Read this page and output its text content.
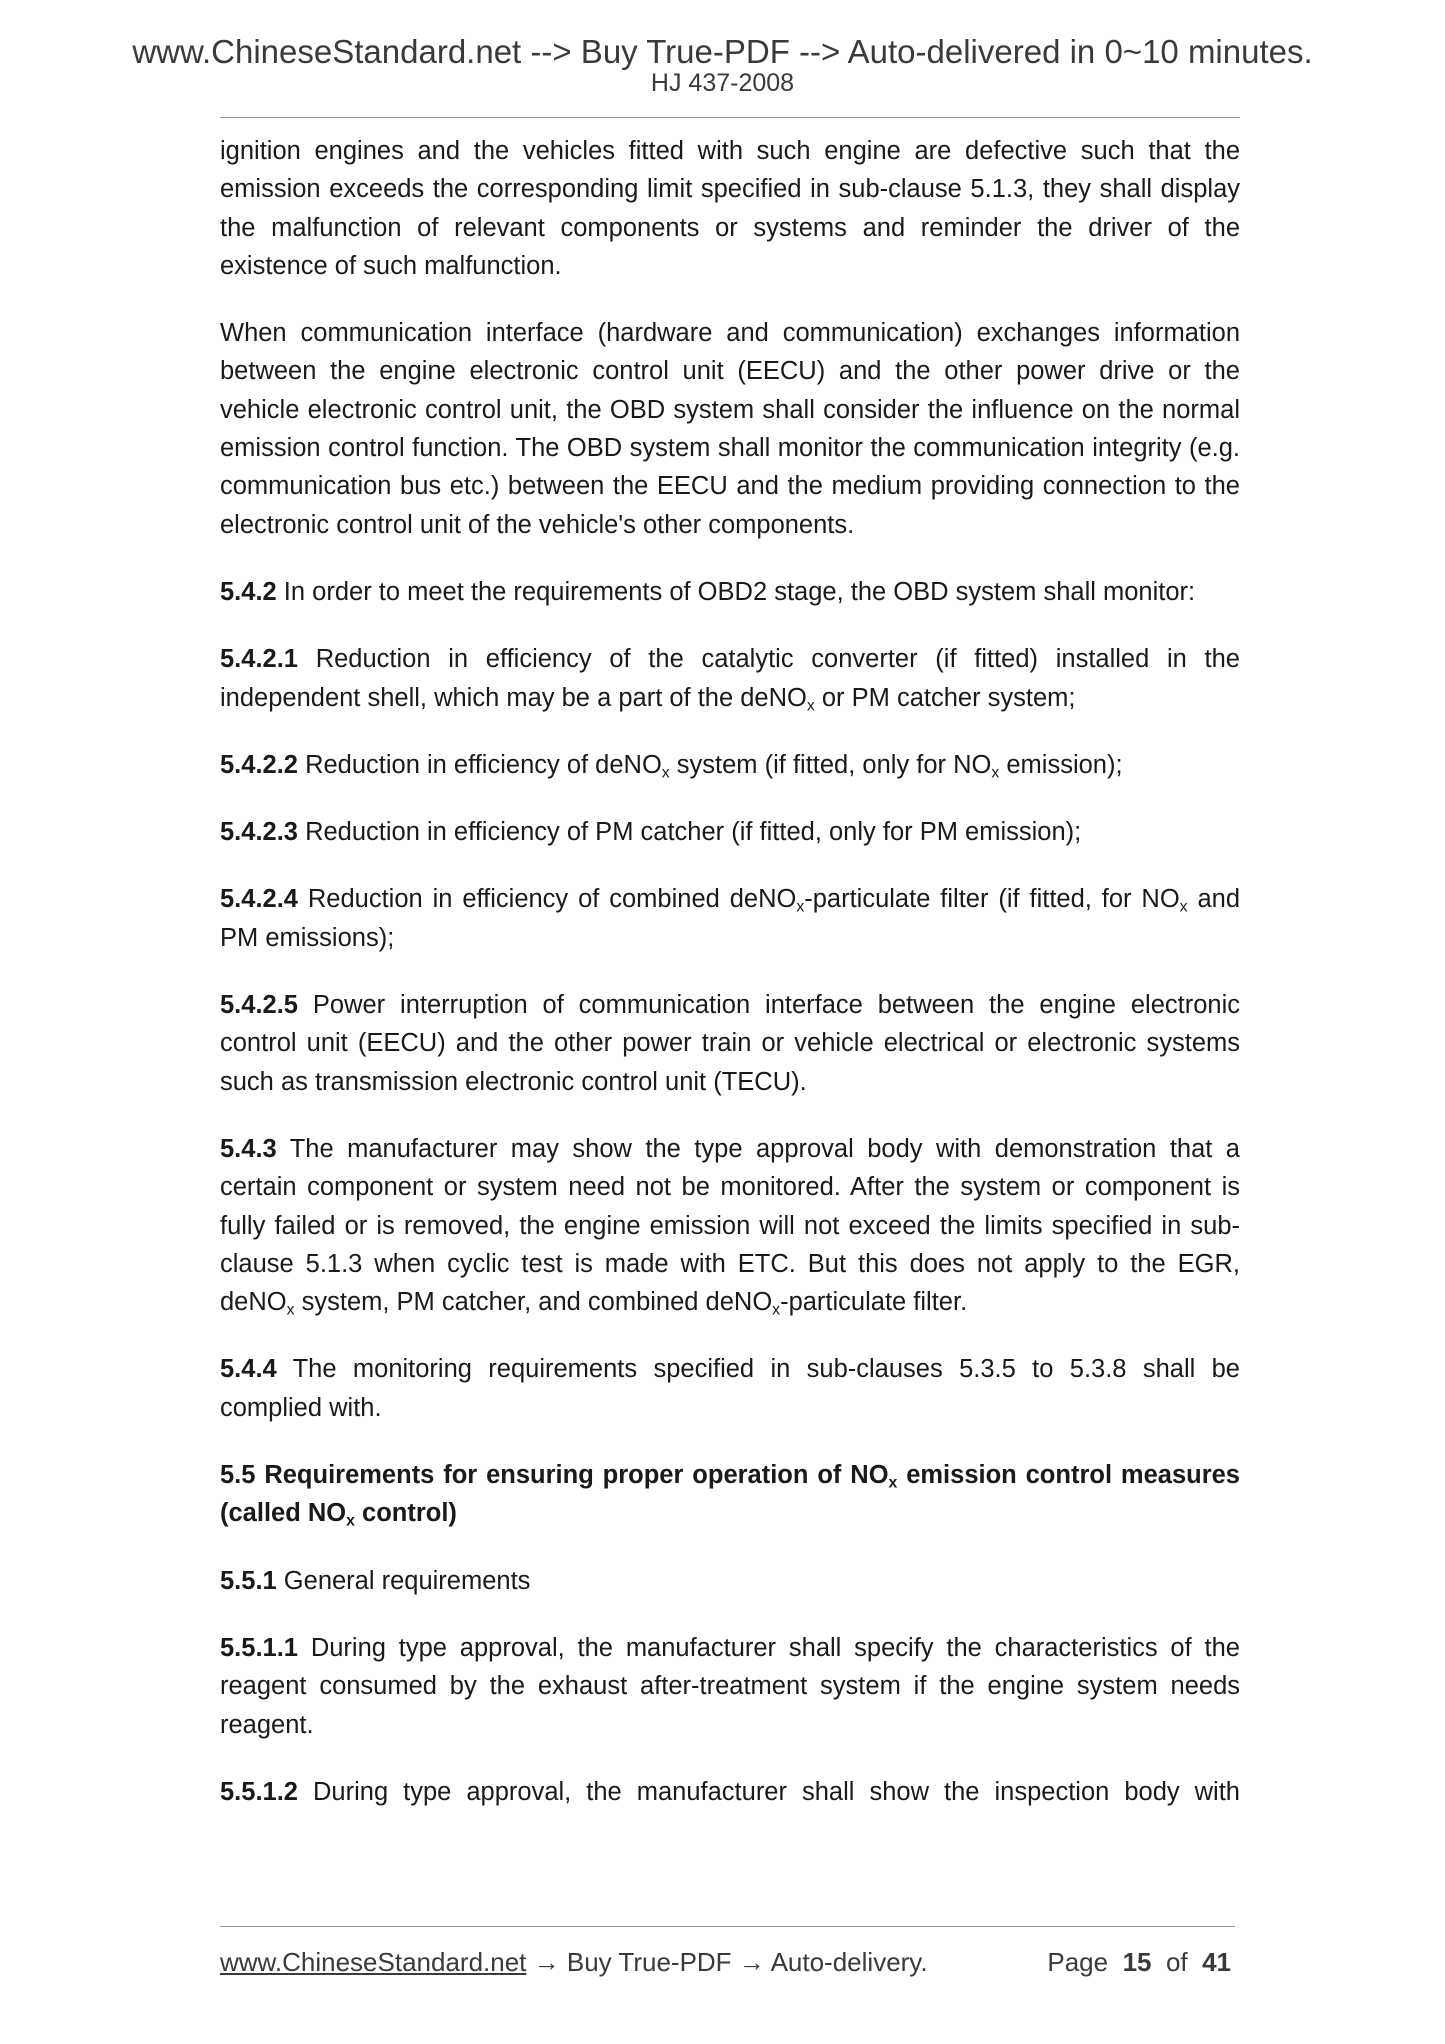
www.ChineseStandard.net --> Buy True-PDF --> Auto-delivered in 0~10 minutes.
HJ 437-2008

ignition engines and the vehicles fitted with such engine are defective such that the emission exceeds the corresponding limit specified in sub-clause 5.1.3, they shall display the malfunction of relevant components or systems and reminder the driver of the existence of such malfunction.

When communication interface (hardware and communication) exchanges information between the engine electronic control unit (EECU) and the other power drive or the vehicle electronic control unit, the OBD system shall consider the influence on the normal emission control function. The OBD system shall monitor the communication integrity (e.g. communication bus etc.) between the EECU and the medium providing connection to the electronic control unit of the vehicle's other components.

5.4.2 In order to meet the requirements of OBD2 stage, the OBD system shall monitor:

5.4.2.1 Reduction in efficiency of the catalytic converter (if fitted) installed in the independent shell, which may be a part of the deNO$_x$ or PM catcher system;

5.4.2.2 Reduction in efficiency of deNO$_x$ system (if fitted, only for $NO_x$ emission);

5.4.2.3 Reduction in efficiency of PM catcher (if fitted, only for PM emission);

5.4.2.4 Reduction in efficiency of combined deNO$_x$-particulate filter (if fitted, for $NO_x$ and PM emissions);

5.4.2.5 Power interruption of communication interface between the engine electronic control unit (EECU) and the other power train or vehicle electrical or electronic systems such as transmission electronic control unit (TECU).

5.4.3 The manufacturer may show the type approval body with demonstration that a certain component or system need not be monitored. After the system or component is fully failed or is removed, the engine emission will not exceed the limits specified in sub-clause 5.1.3 when cyclic test is made with ETC. But this does not apply to the EGR, deNO$_x$ system, PM catcher, and combined deNO$_x$-particulate filter.

5.4.4 The monitoring requirements specified in sub-clauses 5.3.5 to 5.3.8 shall be complied with.

5.5 Requirements for ensuring proper operation of $NO_x$ emission control measures (called $NO_x$ control)

5.5.1 General requirements

5.5.1.1 During type approval, the manufacturer shall specify the characteristics of the reagent consumed by the exhaust after-treatment system if the engine system needs reagent.

5.5.1.2 During type approval, the manufacturer shall show the inspection body with

www.ChineseStandard.net → Buy True-PDF → Auto-delivery.	Page 15 of 41
